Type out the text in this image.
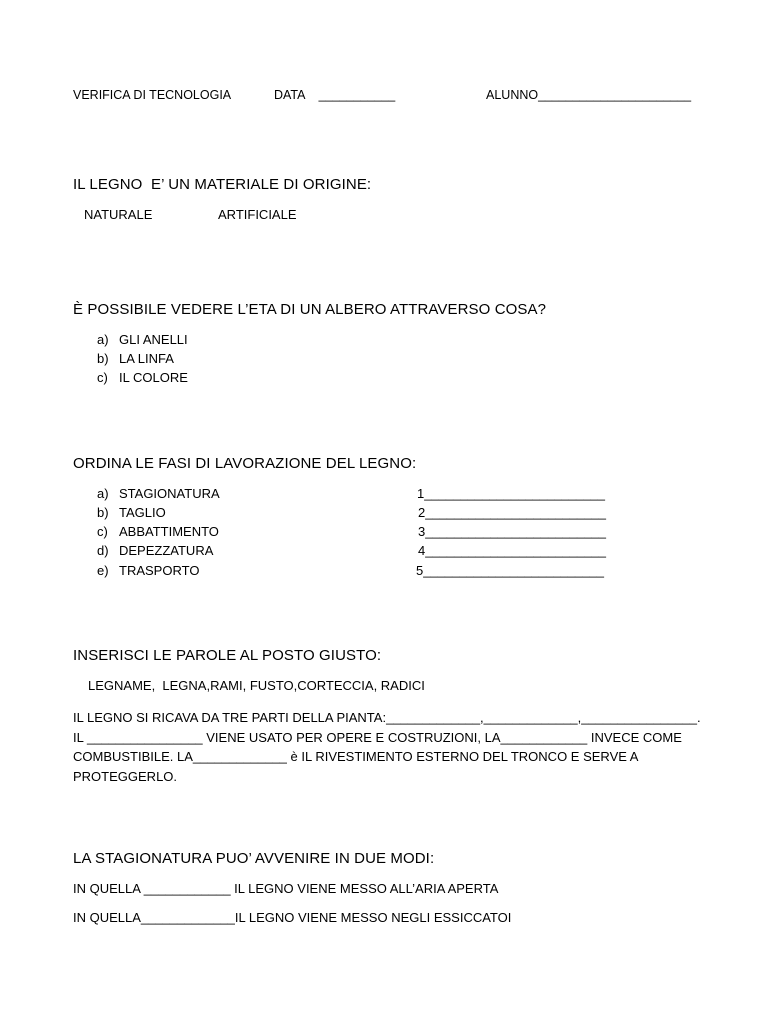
VERIFICA DI TECNOLOGIA	DATA    ___________	ALUNNO______________________
IL LEGNO  E’ UN MATERIALE DI ORIGINE:
NATURALE	ARTIFICIALE
È POSSIBILE VEDERE L’ETA DI UN ALBERO ATTRAVERSO COSA?
a) GLI ANELLI
b) LA LINFA
c) IL COLORE
ORDINA LE FASI DI LAVORAZIONE DEL LEGNO:
a) STAGIONATURA	1_________________________
b) TAGLIO	2_________________________
c) ABBATTIMENTO	3_________________________
d) DEPEZZATURA	4_________________________
e) TRASPORTO	5_________________________
INSERISCI LE PAROLE AL POSTO GIUSTO:
LEGNAME,  LEGNA,RAMI, FUSTO,CORTECCIA, RADICI
IL LEGNO SI RICAVA DA TRE PARTI DELLA PIANTA:_____________,_____________,________________. IL ________________ VIENE USATO PER OPERE E COSTRUZIONI, LA____________ INVECE COME COMBUSTIBILE. LA_____________ è IL RIVESTIMENTO ESTERNO DEL TRONCO E SERVE A PROTEGGERLO.
LA STAGIONATURA PUO’ AVVENIRE IN DUE MODI:
IN QUELLA ____________ IL LEGNO VIENE MESSO ALL’ARIA APERTA
IN QUELLA_____________IL LEGNO VIENE MESSO NEGLI ESSICCATOI
